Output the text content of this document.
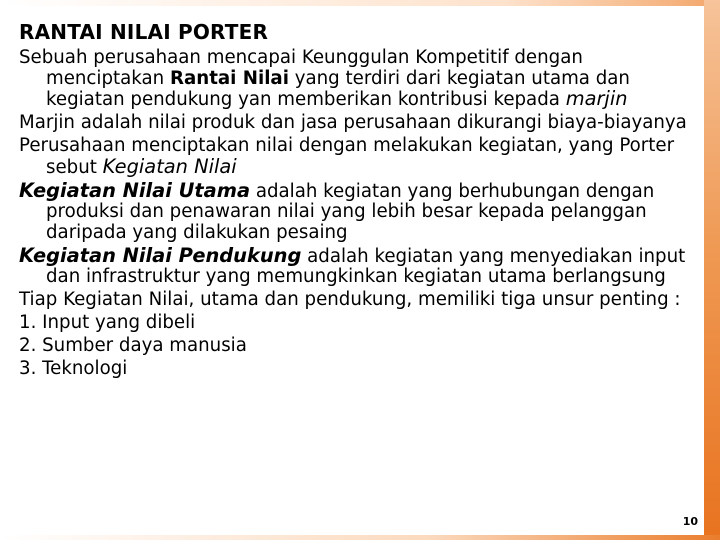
RANTAI NILAI PORTER
Sebuah perusahaan mencapai Keunggulan Kompetitif dengan menciptakan Rantai Nilai yang terdiri dari kegiatan utama dan kegiatan pendukung yan memberikan kontribusi kepada marjin
Marjin adalah nilai produk dan jasa perusahaan dikurangi biaya-biayanya
Perusahaan menciptakan nilai dengan melakukan kegiatan, yang Porter sebut Kegiatan Nilai
Kegiatan Nilai Utama adalah kegiatan yang berhubungan dengan produksi dan penawaran nilai yang lebih besar kepada pelanggan daripada yang dilakukan pesaing
Kegiatan Nilai Pendukung adalah kegiatan yang menyediakan input dan infrastruktur yang memungkinkan kegiatan utama berlangsung
Tiap Kegiatan Nilai, utama dan pendukung, memiliki tiga unsur penting :
1. Input yang dibeli
2. Sumber daya manusia
3. Teknologi
10
